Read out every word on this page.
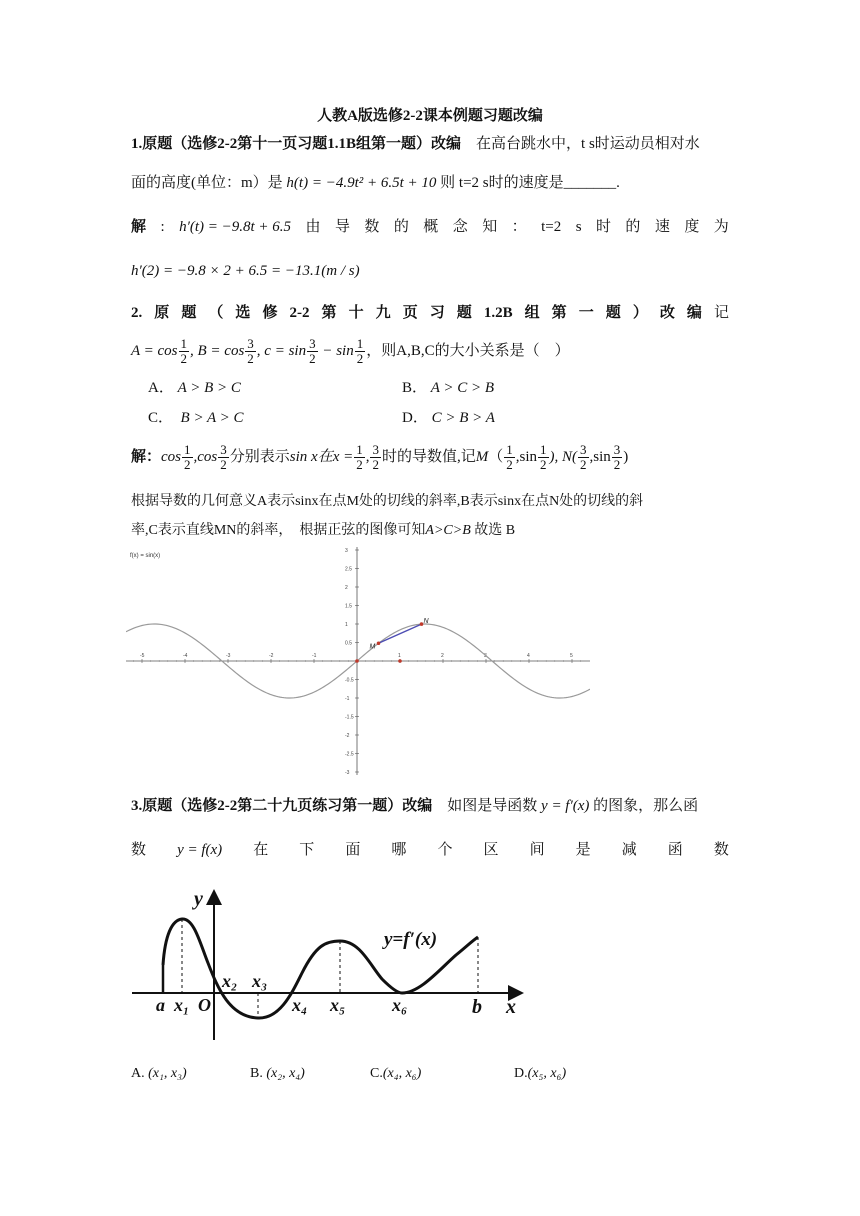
人教A版选修2-2课本例题习题改编
1.原题（选修2-2第十一页习题1.1B组第一题）改编　 在高台跳水中，t s时运动员相对水
面的高度(单位：m）是 h(t) = −4.9t² + 6.5t + 10 则 t=2 s时的速度是_______.
解 : h′(t) = −9.8t + 6.5 由 导 数 的 概 念 知 ： t=2 s 时 的 速 度 为
h′(2) = −9.8 × 2 + 6.5 = −13.1(m / s)
2. 原 题 （ 选 修 2-2 第 十 九 页 习 题 1.2B 组 第 一 题 ） 改 编 记
$A = \cos \frac{1}{2}$ , $B = \cos \frac{3}{2}$ , $c = \sin \frac{3}{2} - \sin \frac{1}{2}$ ，则A,B,C的大小关系是（　）
A． A > B > C	B． A > C > B
C．　 B > A > C	D． C > B > A
解：$\cos \frac{1}{2} ,\cos \frac{3}{2}$ 分别表示sin x在$x = \frac{1}{2}$ , $\frac{3}{2}$ 时的导数值,记$M( \frac{1}{2} ,\sin \frac{1}{2}$ ), $N( \frac{3}{2} ,\sin \frac{3}{2}$ )
根据导数的几何意义A表示sinx在点M处的切线的斜率,B表示sinx在点N处的切线的斜
率,C表示直线MN的斜率，　根据正弦的图像可知A>C>B 故选 B
f(x) = sin(x)
-5	-4	-3	-2	-1	1	2	3	4	5
3
2.5
2
1.5
1
0.5
-0.5
-1
-1.5
-2
-2.5
-3
M
N
3.原题（选修2-2第二十九页练习第一题）改编　 如图是导函数 y = f′(x) 的图象，那么函
数 y = f(x) 在 下 面 哪 个 区 间 是 减 函 数
y
x
y=f′(x)
a x₁ O
x₂ x₃
x₄ x₅	x₆	b
A. (x₁, x₃)	B. (x₂, x₄)	C.(x₄, x₆)	D.(x₅, x₆)
